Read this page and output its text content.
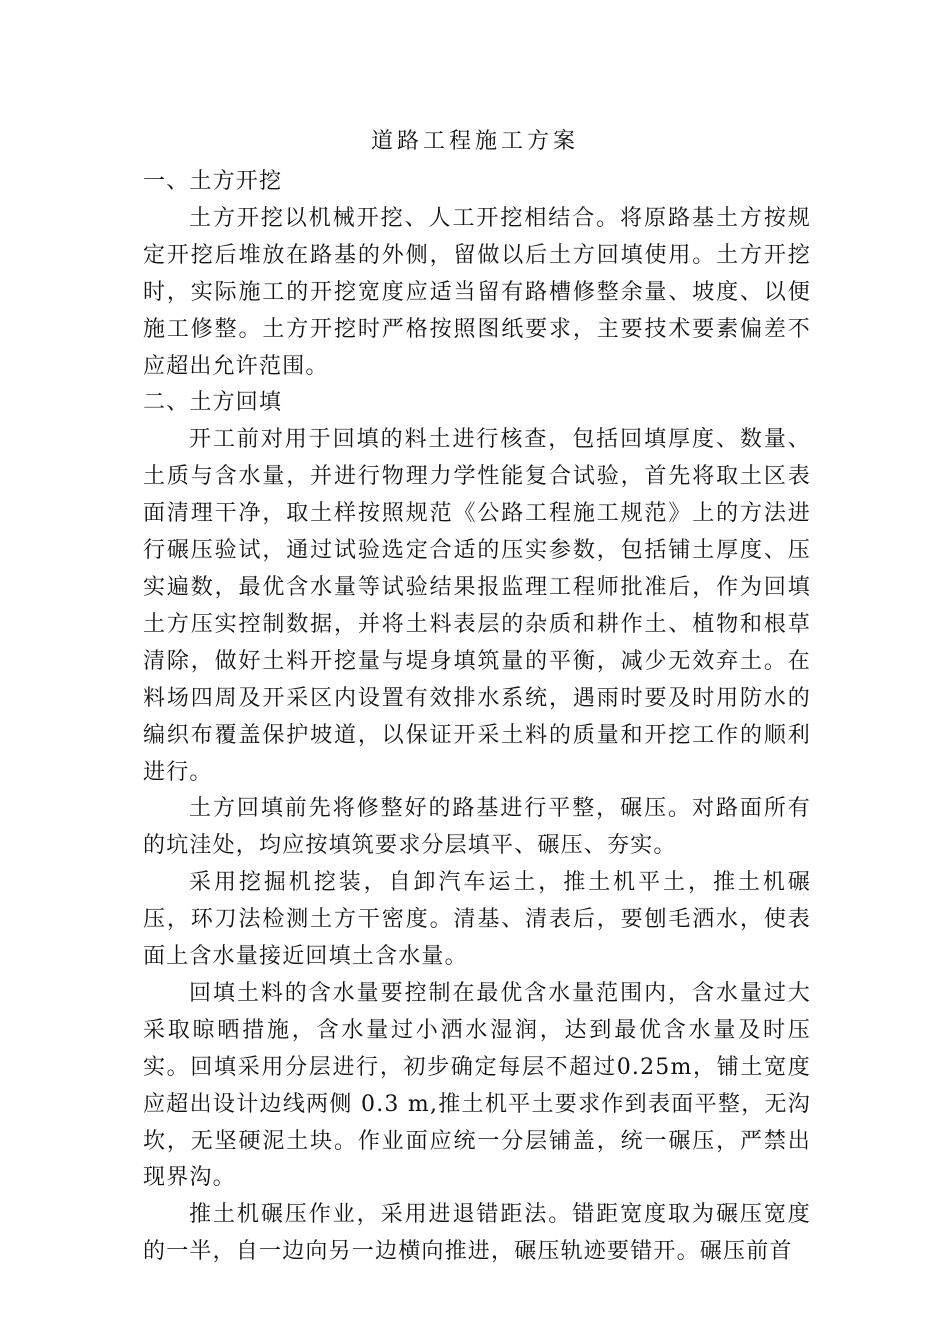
道路工程施工方案

一、土方开挖

土方开挖以机械开挖、人工开挖相结合。将原路基土方按规定开挖后堆放在路基的外侧，留做以后土方回填使用。土方开挖时，实际施工的开挖宽度应适当留有路槽修整余量、坡度、以便施工修整。土方开挖时严格按照图纸要求，主要技术要素偏差不应超出允许范围。

二、土方回填

开工前对用于回填的料土进行核查，包括回填厚度、数量、土质与含水量，并进行物理力学性能复合试验，首先将取土区表面清理干净，取土样按照规范《公路工程施工规范》上的方法进行碾压验试，通过试验选定合适的压实参数，包括铺土厚度、压实遍数，最优含水量等试验结果报监理工程师批准后，作为回填土方压实控制数据，并将土料表层的杂质和耕作土、植物和根草清除，做好土料开挖量与堤身填筑量的平衡，减少无效弃土。在料场四周及开采区内设置有效排水系统，遇雨时要及时用防水的编织布覆盖保护坡道，以保证开采土料的质量和开挖工作的顺利进行。

土方回填前先将修整好的路基进行平整，碾压。对路面所有的坑洼处，均应按填筑要求分层填平、碾压、夯实。

采用挖掘机挖装，自卸汽车运土，推土机平土，推土机碾压，环刀法检测土方干密度。清基、清表后，要刨毛洒水，使表面上含水量接近回填土含水量。

回填土料的含水量要控制在最优含水量范围内，含水量过大采取晾晒措施，含水量过小洒水湿润，达到最优含水量及时压实。回填采用分层进行，初步确定每层不超过0.25m，铺土宽度应超出设计边线两侧 0.3 m,推土机平土要求作到表面平整，无沟坎，无坚硬泥土块。作业面应统一分层铺盖，统一碾压，严禁出现界沟。

推土机碾压作业，采用进退错距法。错距宽度取为碾压宽度的一半，自一边向另一边横向推进，碾压轨迹要错开。碾压前首
